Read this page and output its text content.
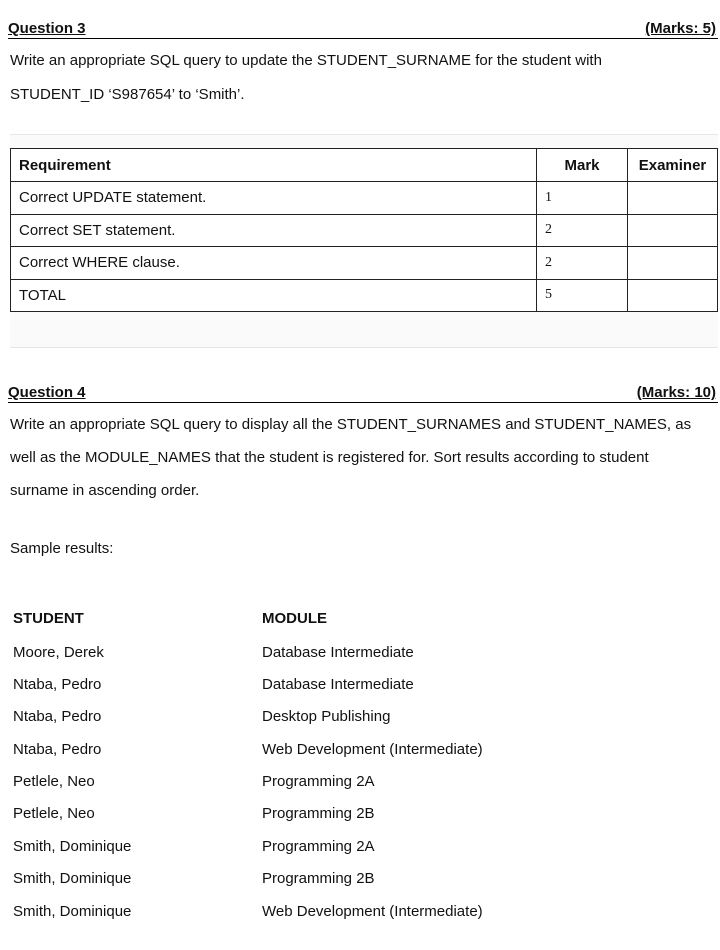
Question 3	(Marks: 5)

Write an appropriate SQL query to update the STUDENT_SURNAME for the student with

STUDENT_ID ‘S987654’ to ‘Smith’.

Requirement	Mark	Examiner
Correct UPDATE statement.	1	
Correct SET statement.	2	
Correct WHERE clause.	2	
TOTAL	5	
Question 4	(Marks: 10)

Write an appropriate SQL query to display all the STUDENT_SURNAMES and STUDENT_NAMES, as

well as the MODULE_NAMES that the student is registered for. Sort results according to student

surname in ascending order.

Sample results:

STUDENT	MODULE
Moore, Derek	Database Intermediate
Ntaba, Pedro	Database Intermediate
Ntaba, Pedro	Desktop Publishing
Ntaba, Pedro	Web Development (Intermediate)
Petlele, Neo	Programming 2A
Petlele, Neo	Programming 2B
Smith, Dominique	Programming 2A
Smith, Dominique	Programming 2B
Smith, Dominique	Web Development (Intermediate)
